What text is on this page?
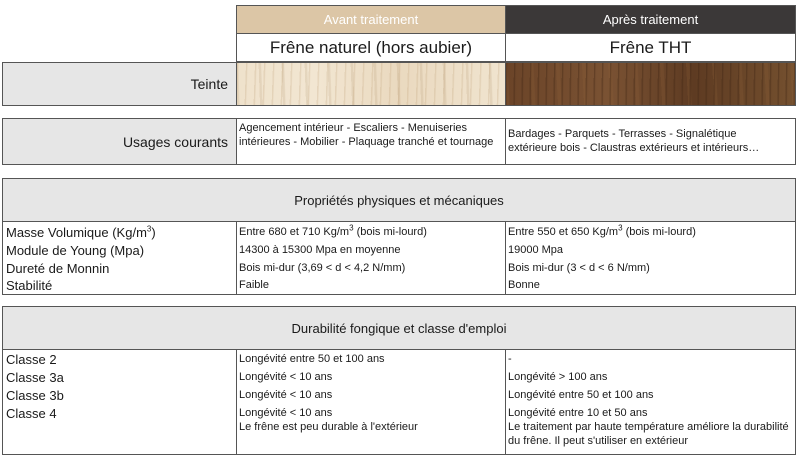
Avant traitement	Après traitement
Frêne naturel (hors aubier)	Frêne THT
Teinte
Usages courants
Agencement intérieur - Escaliers - Menuiseries intérieures - Mobilier - Plaquage tranché et tournage
Bardages - Parquets - Terrasses - Signalétique extérieure bois - Claustras extérieurs et intérieurs…
Propriétés physiques et mécaniques
Masse Volumique $(Kg/m^3)$
Module de Young (Mpa)
Dureté de Monnin
Stabilité
Entre 680 et 710 $Kg/m^3$ (bois mi-lourd)
14300 à 15300 Mpa en moyenne
Bois mi-dur (3,69 < d < 4,2 N/mm)
Faible
Entre 550 et 650 $Kg/m^3$ (bois mi-lourd)
19000 Mpa
Bois mi-dur (3 < d < 6 N/mm)
Bonne
Durabilité fongique et classe d'emploi
Classe 2
Classe 3a
Classe 3b
Classe 4
Longévité entre 50 et 100 ans
Longévité < 10 ans
Longévité < 10 ans
Longévité < 10 ans
Le frêne est peu durable à l'extérieur
-
Longévité > 100 ans
Longévité entre 50 et 100 ans
Longévité entre 10 et 50 ans
Le traitement par haute température améliore la durabilité du frêne. Il peut s'utiliser en extérieur
